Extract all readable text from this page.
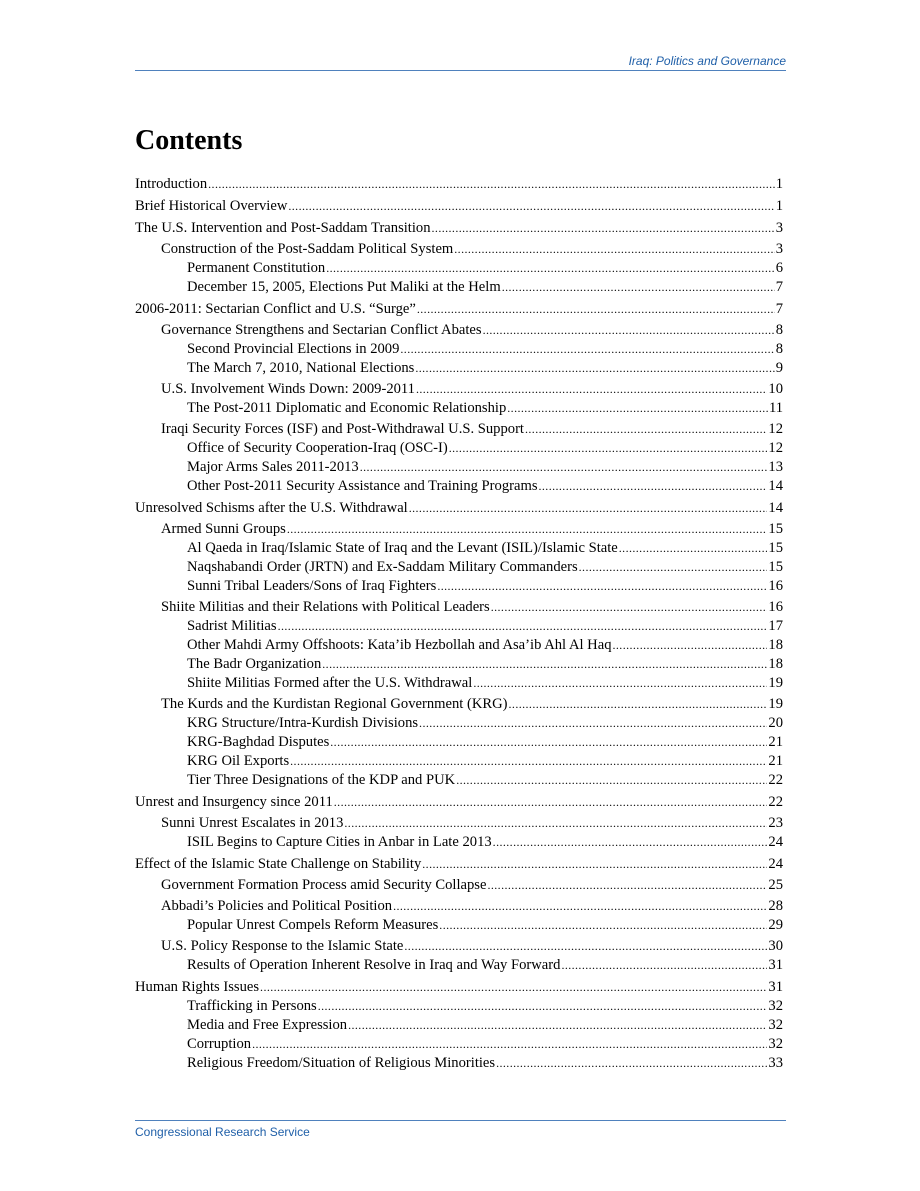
Iraq: Politics and Governance
Contents
Introduction .....	1
Brief Historical Overview .....	1
The U.S. Intervention and Post-Saddam Transition .....	3
Construction of the Post-Saddam Political System .....	3
Permanent Constitution .....	6
December 15, 2005, Elections Put Maliki at the Helm .....	7
2006-2011: Sectarian Conflict and U.S. “Surge” .....	7
Governance Strengthens and Sectarian Conflict Abates .....	8
Second Provincial Elections in 2009 .....	8
The March 7, 2010, National Elections .....	9
U.S. Involvement Winds Down: 2009-2011 .....	10
The Post-2011 Diplomatic and Economic Relationship .....	11
Iraqi Security Forces (ISF) and Post-Withdrawal U.S. Support .....	12
Office of Security Cooperation-Iraq (OSC-I) .....	12
Major Arms Sales 2011-2013 .....	13
Other Post-2011 Security Assistance and Training Programs .....	14
Unresolved Schisms after the U.S. Withdrawal .....	14
Armed Sunni Groups .....	15
Al Qaeda in Iraq/Islamic State of Iraq and the Levant (ISIL)/Islamic State .....	15
Naqshabandi Order (JRTN) and Ex-Saddam Military Commanders .....	15
Sunni Tribal Leaders/Sons of Iraq Fighters .....	16
Shiite Militias and their Relations with Political Leaders .....	16
Sadrist Militias .....	17
Other Mahdi Army Offshoots: Kata’ib Hezbollah and Asa’ib Ahl Al Haq .....	18
The Badr Organization .....	18
Shiite Militias Formed after the U.S. Withdrawal .....	19
The Kurds and the Kurdistan Regional Government (KRG) .....	19
KRG Structure/Intra-Kurdish Divisions .....	20
KRG-Baghdad Disputes .....	21
KRG Oil Exports .....	21
Tier Three Designations of the KDP and PUK .....	22
Unrest and Insurgency since 2011 .....	22
Sunni Unrest Escalates in 2013 .....	23
ISIL Begins to Capture Cities in Anbar in Late 2013 .....	24
Effect of the Islamic State Challenge on Stability .....	24
Government Formation Process amid Security Collapse .....	25
Abbadi’s Policies and Political Position .....	28
Popular Unrest Compels Reform Measures .....	29
U.S. Policy Response to the Islamic State .....	30
Results of Operation Inherent Resolve in Iraq and Way Forward .....	31
Human Rights Issues .....	31
Trafficking in Persons .....	32
Media and Free Expression .....	32
Corruption .....	32
Religious Freedom/Situation of Religious Minorities .....	33
Congressional Research Service
